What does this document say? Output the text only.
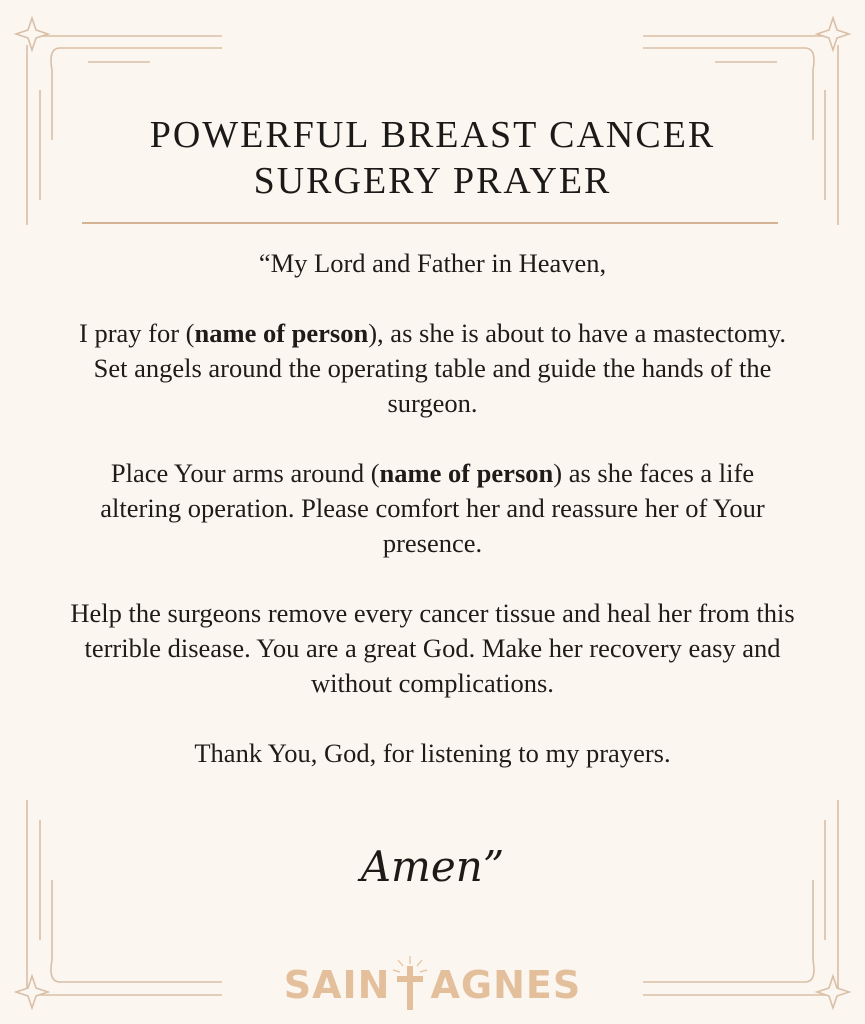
POWERFUL BREAST CANCER
SURGERY PRAYER

“My Lord and Father in Heaven,

I pray for (name of person), as she is about to have a mastectomy. Set angels around the operating table and guide the hands of the surgeon.

Place Your arms around (name of person) as she faces a life altering operation. Please comfort her and reassure her of Your presence.

Help the surgeons remove every cancer tissue and heal her from this terrible disease. You are a great God. Make her recovery easy and without complications.

Thank You, God, for listening to my prayers.

Amen”
SAIN AGNES
